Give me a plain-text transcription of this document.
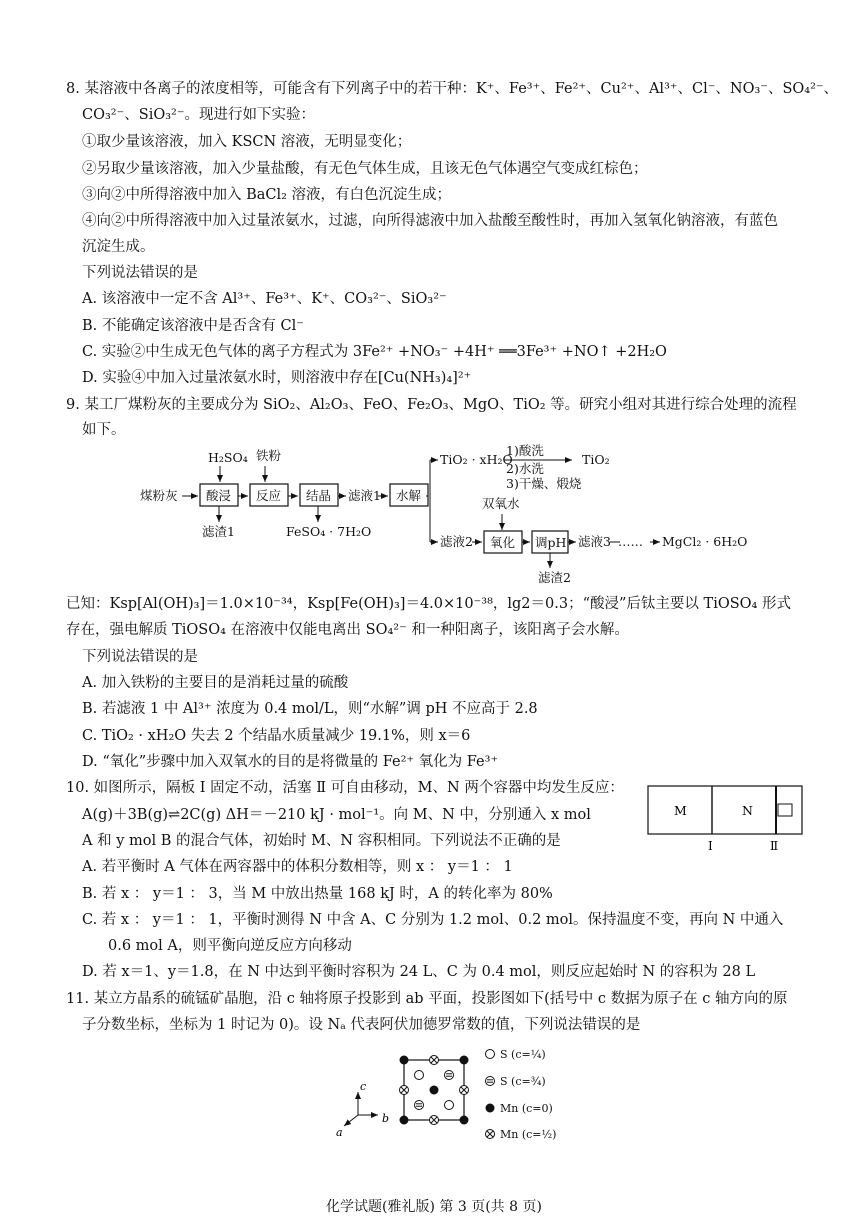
8. 某溶液中各离子的浓度相等，可能含有下列离子中的若干种：K⁺、Fe³⁺、Fe²⁺、Cu²⁺、Al³⁺、Cl⁻、NO₃⁻、SO₄²⁻、
CO₃²⁻、SiO₃²⁻。现进行如下实验：
①取少量该溶液，加入 KSCN 溶液，无明显变化；
②另取少量该溶液，加入少量盐酸，有无色气体生成，且该无色气体遇空气变成红棕色；
③向②中所得溶液中加入 BaCl₂ 溶液，有白色沉淀生成；
④向②中所得溶液中加入过量浓氨水，过滤，向所得滤液中加入盐酸至酸性时，再加入氢氧化钠溶液，有蓝色
沉淀生成。
下列说法错误的是
A. 该溶液中一定不含 Al³⁺、Fe³⁺、K⁺、CO₃²⁻、SiO₃²⁻
B. 不能确定该溶液中是否含有 Cl⁻
C. 实验②中生成无色气体的离子方程式为 3Fe²⁺ +NO₃⁻ +4H⁺ ══3Fe³⁺ +NO↑ +2H₂O
D. 实验④中加入过量浓氨水时，则溶液中存在[Cu(NH₃)₄]²⁺
9. 某工厂煤粉灰的主要成分为 SiO₂、Al₂O₃、FeO、Fe₂O₃、MgO、TiO₂ 等。研究小组对其进行综合处理的流程
如下。
H₂SO₄ 铁粉
煤粉灰 酸浸 反应 结晶 滤液1 水解
滤渣1	FeSO₄ · 7H₂O
TiO₂ · xH₂O	TiO₂
1)酸洗
2)水洗
3)干燥、煅烧
双氧水
滤液2 氧化 调pH 滤液3 …… MgCl₂ · 6H₂O
滤渣2
已知：Ksp[Al(OH)₃]＝1.0×10⁻³⁴，Ksp[Fe(OH)₃]＝4.0×10⁻³⁸，lg2＝0.3；“酸浸”后钛主要以 TiOSO₄ 形式
存在，强电解质 TiOSO₄ 在溶液中仅能电离出 SO₄²⁻ 和一种阳离子，该阳离子会水解。
下列说法错误的是
A. 加入铁粉的主要目的是消耗过量的硫酸
B. 若滤液 1 中 Al³⁺ 浓度为 0.4 mol/L，则“水解”调 pH 不应高于 2.8
C. TiO₂ · xH₂O 失去 2 个结晶水质量减少 19.1%，则 x＝6
D. “氧化”步骤中加入双氧水的目的是将微量的 Fe²⁺ 氧化为 Fe³⁺
10. 如图所示，隔板 Ⅰ 固定不动，活塞 Ⅱ 可自由移动，M、N 两个容器中均发生反应：
A(g)＋3B(g)⇌2C(g) ΔH＝－210 kJ · mol⁻¹。向 M、N 中，分别通入 x mol
A 和 y mol B 的混合气体，初始时 M、N 容积相同。下列说法不正确的是
A. 若平衡时 A 气体在两容器中的体积分数相等，则 x ： y＝1 ： 1
B. 若 x ： y＝1 ： 3，当 M 中放出热量 168 kJ 时，A 的转化率为 80%
C. 若 x ： y＝1 ： 1，平衡时测得 N 中含 A、C 分别为 1.2 mol、0.2 mol。保持温度不变，再向 N 中通入
0.6 mol A，则平衡向逆反应方向移动
D. 若 x＝1、y＝1.8，在 N 中达到平衡时容积为 24 L、C 为 0.4 mol，则反应起始时 N 的容积为 28 L
M	N
Ⅰ	Ⅱ
11. 某立方晶系的硫锰矿晶胞，沿 c 轴将原子投影到 ab 平面，投影图如下(括号中 c 数据为原子在 c 轴方向的原
子分数坐标，坐标为 1 时记为 0)。设 Nₐ 代表阿伏加德罗常数的值，下列说法错误的是
c
b
a
S (c=¼)
S (c=¾)
Mn (c=0)
Mn (c=½)
化学试题(雅礼版) 第 3 页(共 8 页)
